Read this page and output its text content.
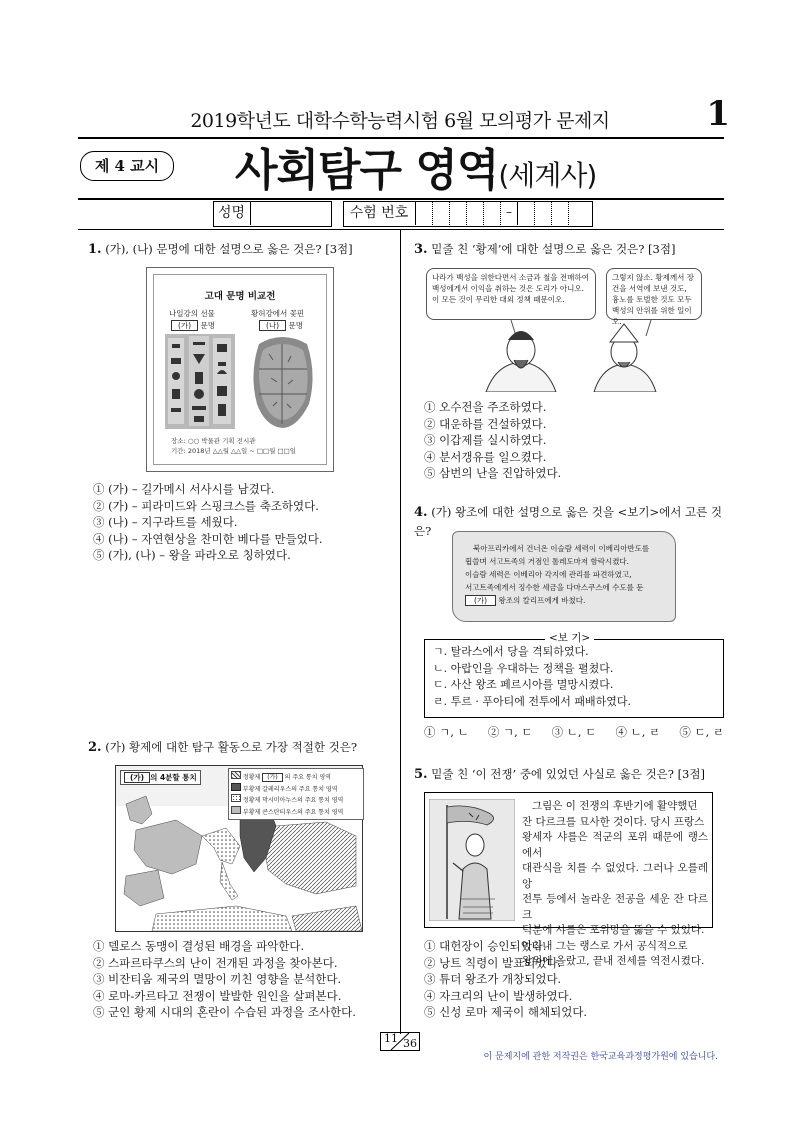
2019학년도 대학수학능력시험 6월 모의평가 문제지	1
제 4 교시	사회탐구 영역(세계사)
성명	수험 번호	–
1. (가), (나) 문명에 대한 설명으로 옳은 것은? [3점]
고대 문명 비교전
나일강의 선물	황허강에서 꽃핀
(가) 문명	(나) 문명
장소: ○○ 박물관 기획 전시관
기간: 2018년 △△월 △△일 ~ □□월 □□일
① (가) – 길가메시 서사시를 남겼다.
② (가) – 피라미드와 스핑크스를 축조하였다.
③ (나) – 지구라트를 세웠다.
④ (나) – 자연현상을 찬미한 베다를 만들었다.
⑤ (가), (나) – 왕을 파라오로 칭하였다.
2. (가) 황제에 대한 탐구 활동으로 가장 적절한 것은?
(가) 의 4분할 통치	정황제 (가) 의 주요 통치 영역
부황제 갈레리우스의 주요 통치 영역
정황제 막시미아누스의 주요 통치 영역
부황제 콘스탄티우스의 주요 통치 영역
① 델로스 동맹이 결성된 배경을 파악한다.
② 스파르타쿠스의 난이 전개된 과정을 찾아본다.
③ 비잔티움 제국의 멸망이 끼친 영향을 분석한다.
④ 로마-카르타고 전쟁이 발발한 원인을 살펴본다.
⑤ 군인 황제 시대의 혼란이 수습된 과정을 조사한다.
3. 밑줄 친 ‘황제’에 대한 설명으로 옳은 것은? [3점]
나라가 백성을 위한다면서 소금과 철을 전매하여 백성에게서 이익을 취하는 것은 도리가 아니오. 이 모든 것이 무리한 대외 정책 때문이오.
그렇지 않소. 황제께서 장건을 서역에 보낸 것도, 흉노를 토벌한 것도 모두 백성의 안위를 위한 일이오.
① 오수전을 주조하였다.
② 대운하를 건설하였다.
③ 이갑제를 실시하였다.
④ 분서갱유를 일으켰다.
⑤ 삼번의 난을 진압하였다.
4. (가) 왕조에 대한 설명으로 옳은 것을 <보기>에서 고른 것은?
북아프리카에서 건너온 이슬람 세력이 이베리아반도를
휩쓸며 서고트족의 거점인 톨레도마저 함락시켰다.
이슬람 세력은 이베리아 각지에 관리를 파견하였고,
서고트족에게서 징수한 세금을 다마스쿠스에 수도를 둔
(가) 왕조의 칼리프에게 바쳤다.
ㄱ. 탈라스에서 당을 격퇴하였다.
ㄴ. 아랍인을 우대하는 정책을 펼쳤다.
ㄷ. 사산 왕조 페르시아를 멸망시켰다.
ㄹ. 투르 · 푸아티에 전투에서 패배하였다.
<보 기>
① ㄱ, ㄴ ② ㄱ, ㄷ ③ ㄴ, ㄷ ④ ㄴ, ㄹ ⑤ ㄷ, ㄹ
5. 밑줄 친 ‘이 전쟁’ 중에 있었던 사실로 옳은 것은? [3점]
그림은 이 전쟁의 후반기에 활약했던
잔 다르크를 묘사한 것이다. 당시 프랑스
왕세자 샤를은 적군의 포위 때문에 랭스에서
대관식을 치를 수 없었다. 그러나 오를레앙
전투 등에서 놀라운 전공을 세운 잔 다르크
덕분에 샤를은 포위망을 뚫을 수 있었다.
마침내 그는 랭스로 가서 공식적으로
왕위에 올랐고, 끝내 전세를 역전시켰다.
① 대헌장이 승인되었다.
② 낭트 칙령이 발표되었다.
③ 튜더 왕조가 개창되었다.
④ 자크리의 난이 발생하였다.
⑤ 신성 로마 제국이 해체되었다.
11 36
이 문제지에 관한 저작권은 한국교육과정평가원에 있습니다.
